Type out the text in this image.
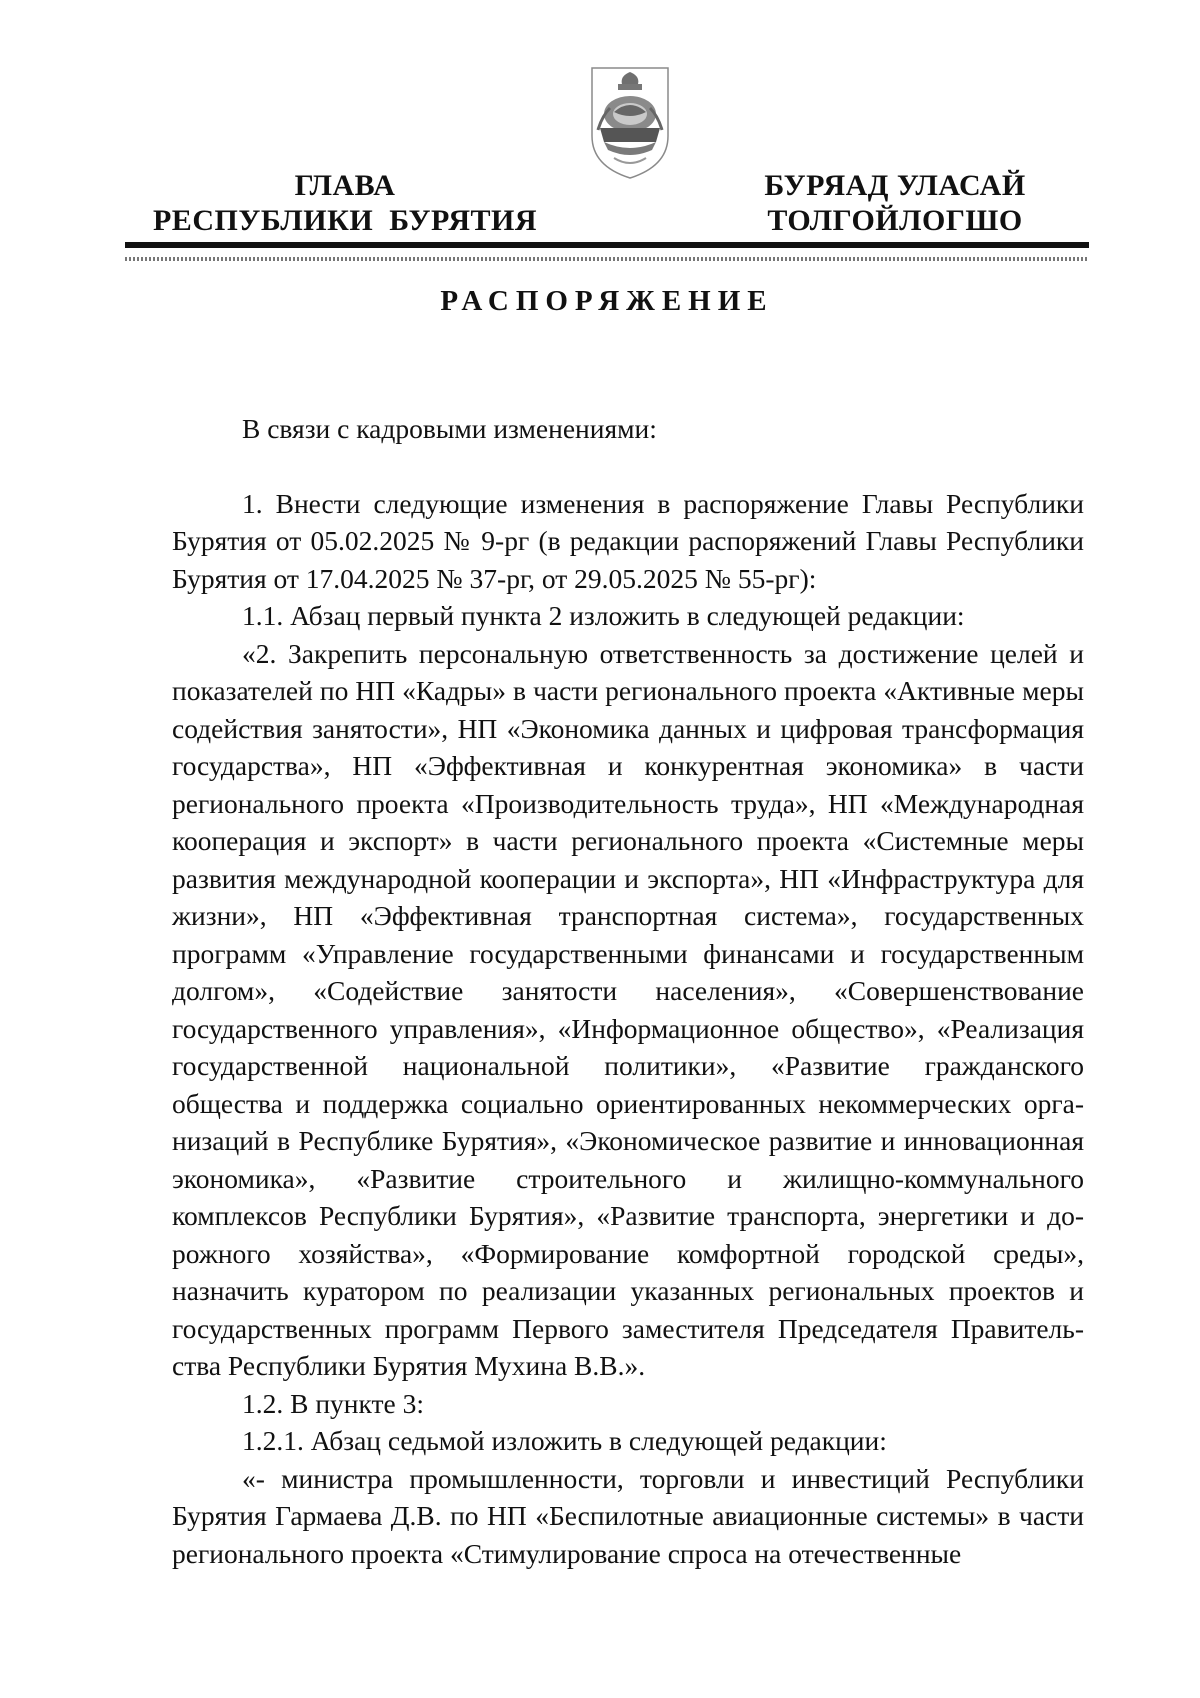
ГЛАВА
РЕСПУБЛИКИ  БУРЯТИЯ
БУРЯАД УЛАСАЙ
ТОЛГОЙЛОГШО
РАСПОРЯЖЕНИЕ

В связи с кадровыми изменениями:

1. Внести следующие изменения в распоряжение Главы Республики Бурятия от 05.02.2025 № 9-рг (в редакции распоряжений Главы Республики Бурятия от 17.04.2025 № 37-рг, от 29.05.2025 № 55-рг):

1.1. Абзац первый пункта 2 изложить в следующей редакции:

«2. Закрепить персональную ответственность за достижение целей и показателей по НП «Кадры» в части регионального проекта «Активные меры содействия занятости», НП «Экономика данных и цифровая трансформация государства», НП «Эффективная и конкурентная экономика» в части регионального проекта «Производительность труда», НП «Международная кооперация и экспорт» в части регионального проекта «Системные меры развития международной кооперации и экспорта», НП «Инфраструктура для жизни», НП «Эффективная транспортная система», государственных программ «Управление государственными финансами и государственным долгом», «Содействие занятости населения», «Совершенствование государственного управления», «Информационное общество», «Реализация государственной национальной политики», «Развитие гражданского общества и поддержка социально ориентированных некоммерческих организаций в Республике Бурятия», «Экономическое развитие и инновационная экономика», «Развитие строительного и жилищно-коммунального комплексов Республики Бурятия», «Развитие транспорта, энергетики и дорожного хозяйства», «Формирование комфортной городской среды», назначить куратором по реализации указанных региональных проектов и государственных программ Первого заместителя Председателя Правительства Республики Бурятия Мухина В.В.».

1.2. В пункте 3:

1.2.1. Абзац седьмой изложить в следующей редакции:

«- министра промышленности, торговли и инвестиций Республики Бурятия Гармаева Д.В. по НП «Беспилотные авиационные системы» в части регионального проекта «Стимулирование спроса на отечественные
